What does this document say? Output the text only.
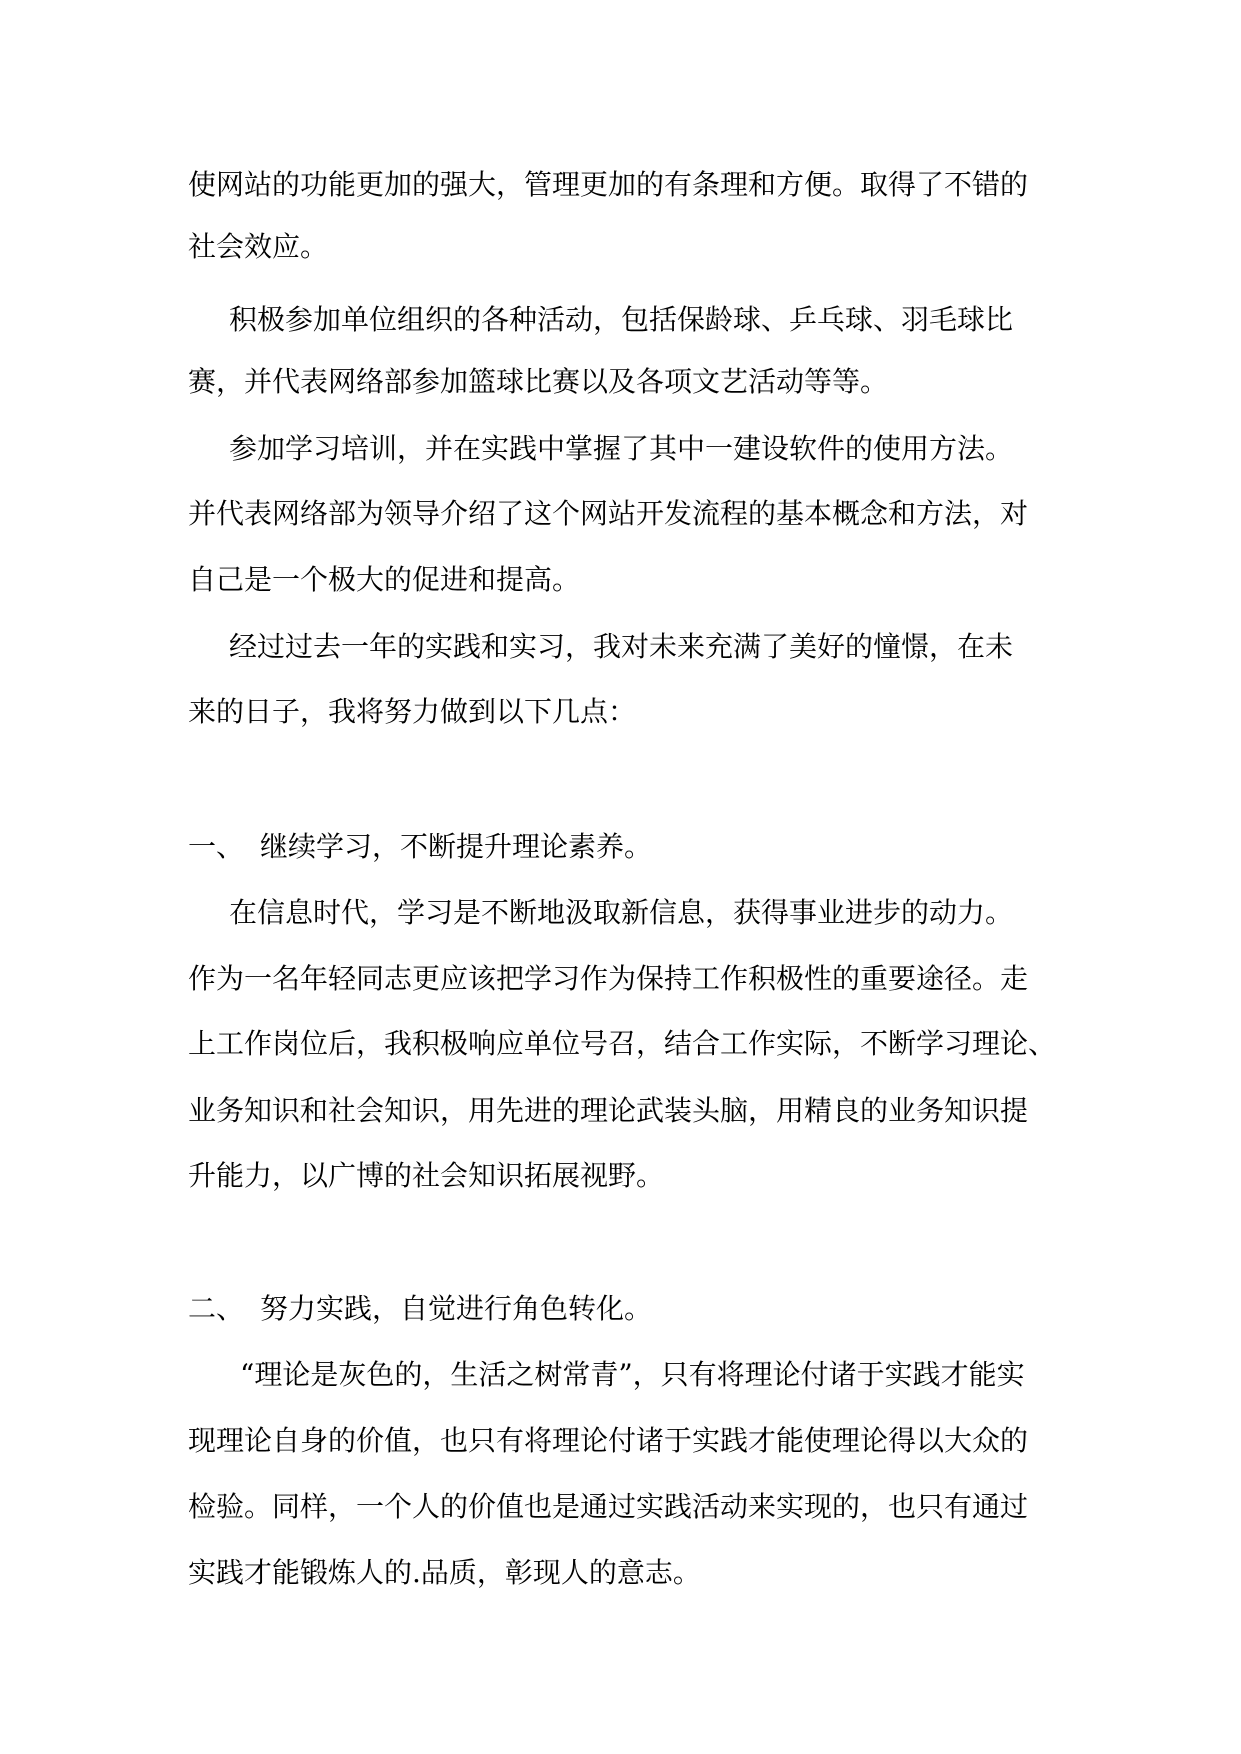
使网站的功能更加的强大，管理更加的有条理和方便。取得了不错的
社会效应。
积极参加单位组织的各种活动，包括保龄球、乒乓球、羽毛球比
赛，并代表网络部参加篮球比赛以及各项文艺活动等等。
参加学习培训，并在实践中掌握了其中一建设软件的使用方法。
并代表网络部为领导介绍了这个网站开发流程的基本概念和方法，对
自己是一个极大的促进和提高。
经过过去一年的实践和实习，我对未来充满了美好的憧憬，在未
来的日子，我将努力做到以下几点：
一、 继续学习，不断提升理论素养。
在信息时代，学习是不断地汲取新信息，获得事业进步的动力。
作为一名年轻同志更应该把学习作为保持工作积极性的重要途径。走
上工作岗位后，我积极响应单位号召，结合工作实际，不断学习理论、
业务知识和社会知识，用先进的理论武装头脑，用精良的业务知识提
升能力，以广博的社会知识拓展视野。
二、 努力实践，自觉进行角色转化。
“理论是灰色的，生活之树常青”，只有将理论付诸于实践才能实
现理论自身的价值，也只有将理论付诸于实践才能使理论得以大众的
检验。同样，一个人的价值也是通过实践活动来实现的，也只有通过
实践才能锻炼人的.品质，彰现人的意志。
